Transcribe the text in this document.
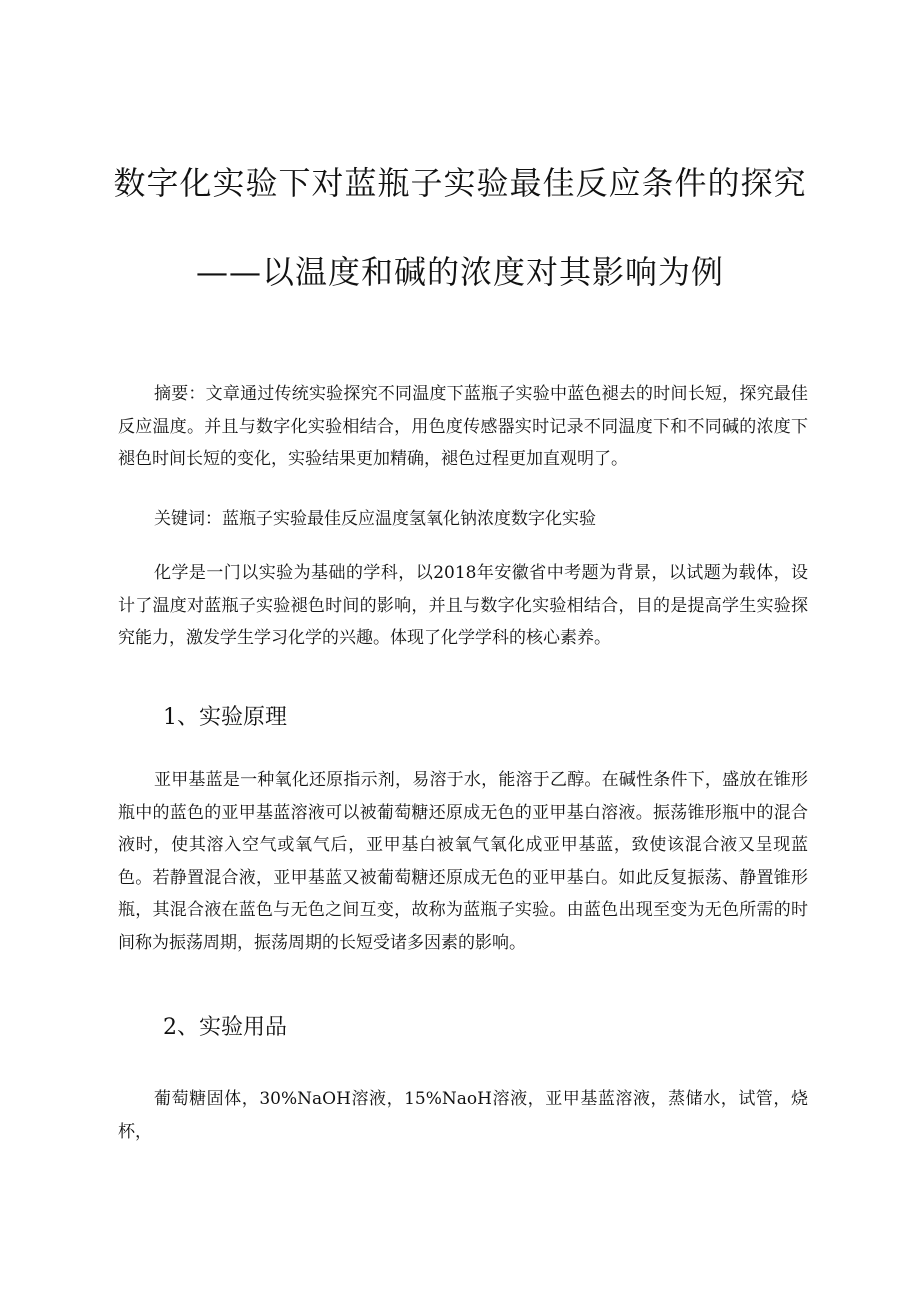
数字化实验下对蓝瓶子实验最佳反应条件的探究
——以温度和碱的浓度对其影响为例

摘要：文章通过传统实验探究不同温度下蓝瓶子实验中蓝色褪去的时间长短，探究最佳反应温度。并且与数字化实验相结合，用色度传感器实时记录不同温度下和不同碱的浓度下褪色时间长短的变化，实验结果更加精确，褪色过程更加直观明了。

关键词：蓝瓶子实验最佳反应温度氢氧化钠浓度数字化实验

化学是一门以实验为基础的学科，以2018年安徽省中考题为背景，以试题为载体，设计了温度对蓝瓶子实验褪色时间的影响，并且与数字化实验相结合，目的是提高学生实验探究能力，激发学生学习化学的兴趣。体现了化学学科的核心素养。

1、实验原理

亚甲基蓝是一种氧化还原指示剂，易溶于水，能溶于乙醇。在碱性条件下，盛放在锥形瓶中的蓝色的亚甲基蓝溶液可以被葡萄糖还原成无色的亚甲基白溶液。振荡锥形瓶中的混合液时，使其溶入空气或氧气后，亚甲基白被氧气氧化成亚甲基蓝，致使该混合液又呈现蓝色。若静置混合液，亚甲基蓝又被葡萄糖还原成无色的亚甲基白。如此反复振荡、静置锥形瓶，其混合液在蓝色与无色之间互变，故称为蓝瓶子实验。由蓝色出现至变为无色所需的时间称为振荡周期，振荡周期的长短受诸多因素的影响。

2、实验用品

葡萄糖固体，30%NaOH溶液，15%NaoH溶液，亚甲基蓝溶液，蒸储水，试管，烧杯，
